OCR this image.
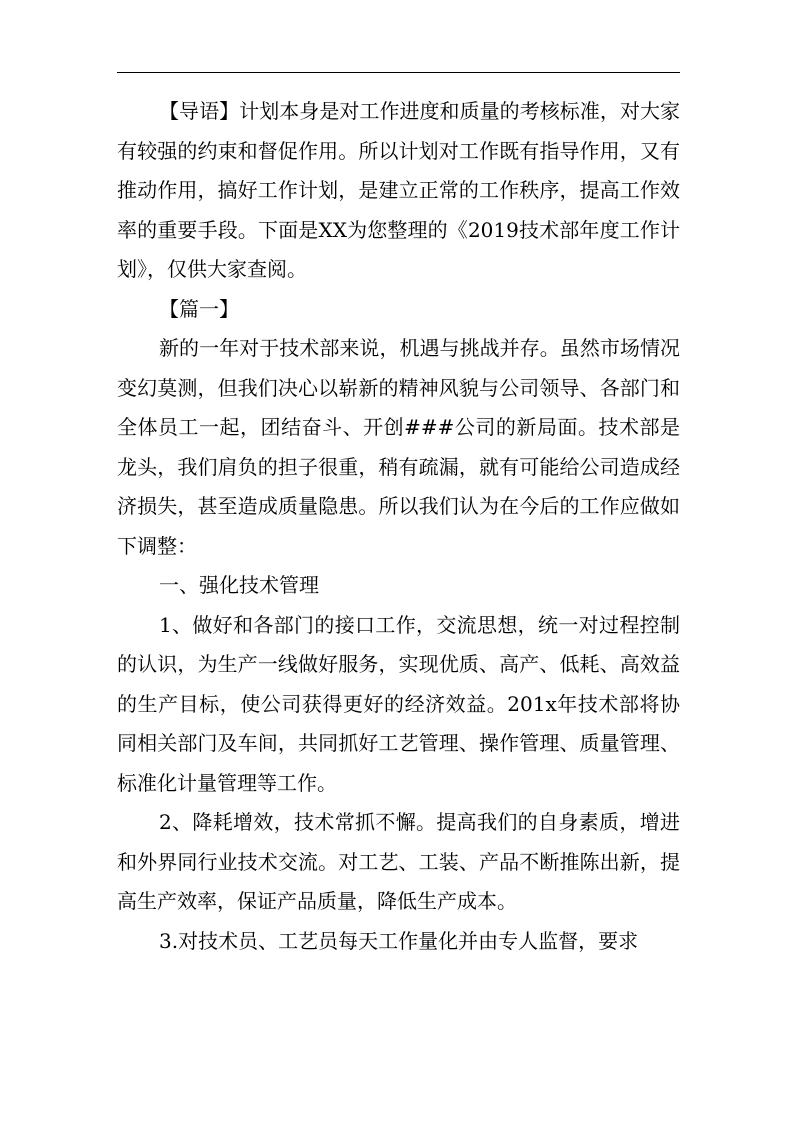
【导语】计划本身是对工作进度和质量的考核标准，对大家有较强的约束和督促作用。所以计划对工作既有指导作用，又有推动作用，搞好工作计划，是建立正常的工作秩序，提高工作效率的重要手段。下面是XX为您整理的《2019技术部年度工作计划》，仅供大家查阅。

【篇一】

新的一年对于技术部来说，机遇与挑战并存。虽然市场情况变幻莫测，但我们决心以崭新的精神风貌与公司领导、各部门和全体员工一起，团结奋斗、开创###公司的新局面。技术部是龙头，我们肩负的担子很重，稍有疏漏，就有可能给公司造成经济损失，甚至造成质量隐患。所以我们认为在今后的工作应做如下调整：

一、强化技术管理

1、做好和各部门的接口工作，交流思想，统一对过程控制的认识，为生产一线做好服务，实现优质、高产、低耗、高效益的生产目标，使公司获得更好的经济效益。201x年技术部将协同相关部门及车间，共同抓好工艺管理、操作管理、质量管理、标准化计量管理等工作。

2、降耗增效，技术常抓不懈。提高我们的自身素质，增进和外界同行业技术交流。对工艺、工装、产品不断推陈出新，提高生产效率，保证产品质量，降低生产成本。

3.对技术员、工艺员每天工作量化并由专人监督，要求
